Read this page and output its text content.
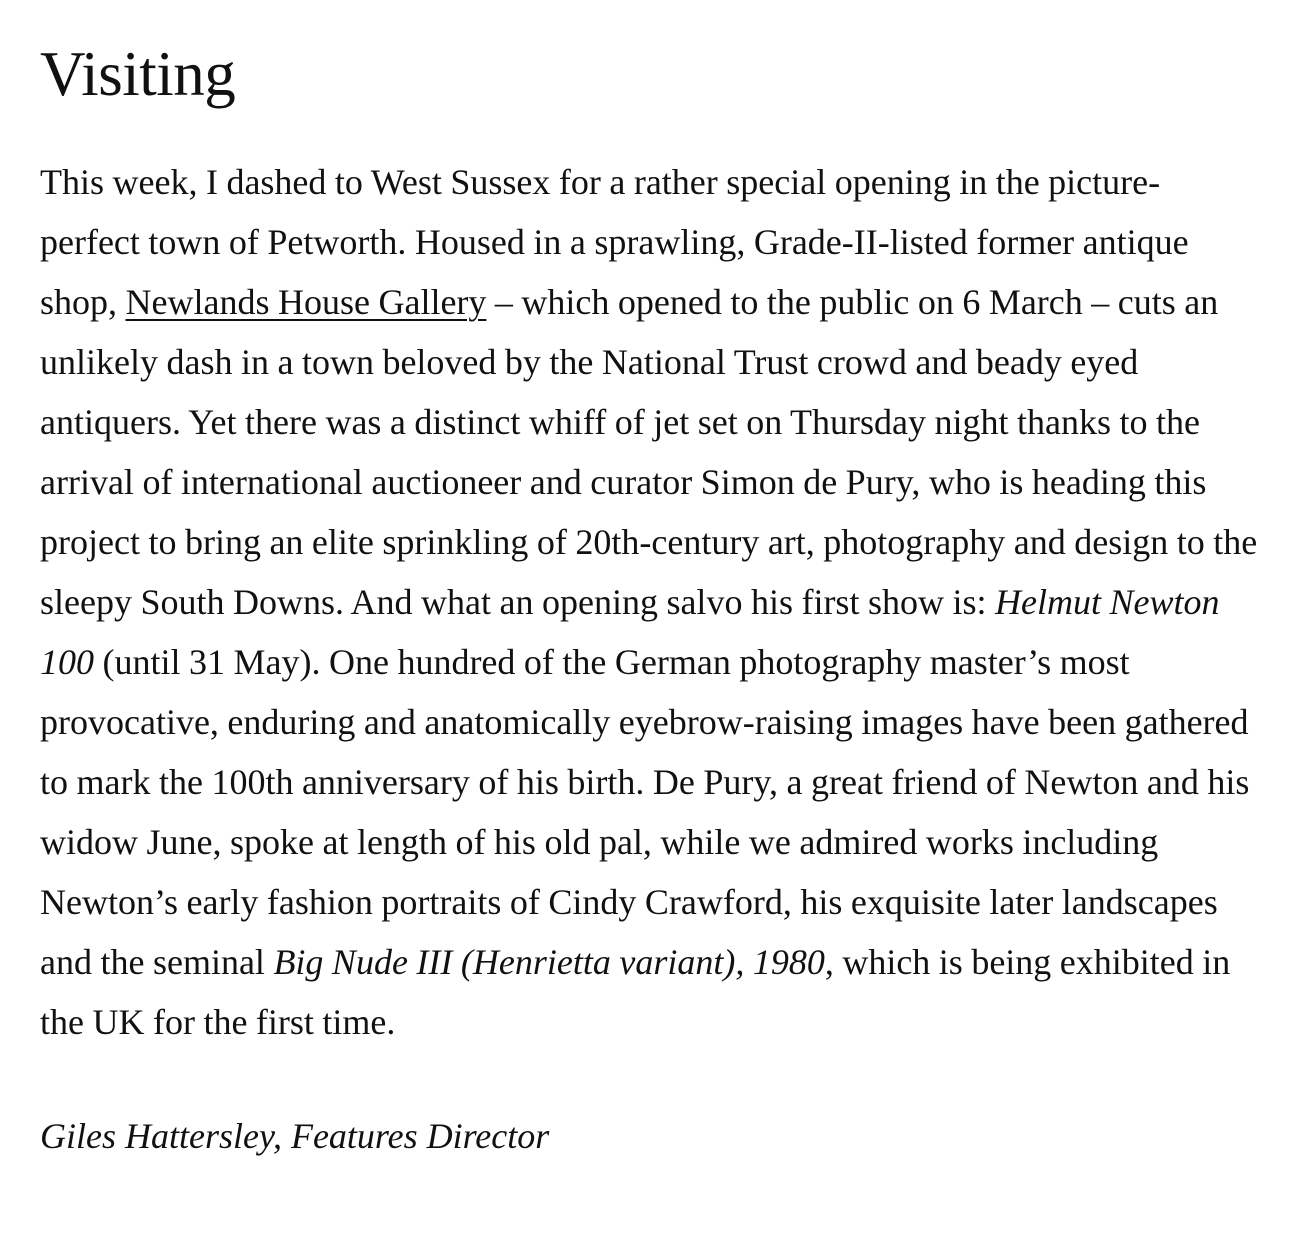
Visiting

This week, I dashed to West Sussex for a rather special opening in the picture-perfect town of Petworth. Housed in a sprawling, Grade-II-listed former antique shop, Newlands House Gallery – which opened to the public on 6 March – cuts an unlikely dash in a town beloved by the National Trust crowd and beady eyed antiquers. Yet there was a distinct whiff of jet set on Thursday night thanks to the arrival of international auctioneer and curator Simon de Pury, who is heading this project to bring an elite sprinkling of 20th-century art, photography and design to the sleepy South Downs. And what an opening salvo his first show is: Helmut Newton 100 (until 31 May). One hundred of the German photography master’s most provocative, enduring and anatomically eyebrow-raising images have been gathered to mark the 100th anniversary of his birth. De Pury, a great friend of Newton and his widow June, spoke at length of his old pal, while we admired works including Newton’s early fashion portraits of Cindy Crawford, his exquisite later landscapes and the seminal Big Nude III (Henrietta variant), 1980, which is being exhibited in the UK for the first time.

Giles Hattersley, Features Director
